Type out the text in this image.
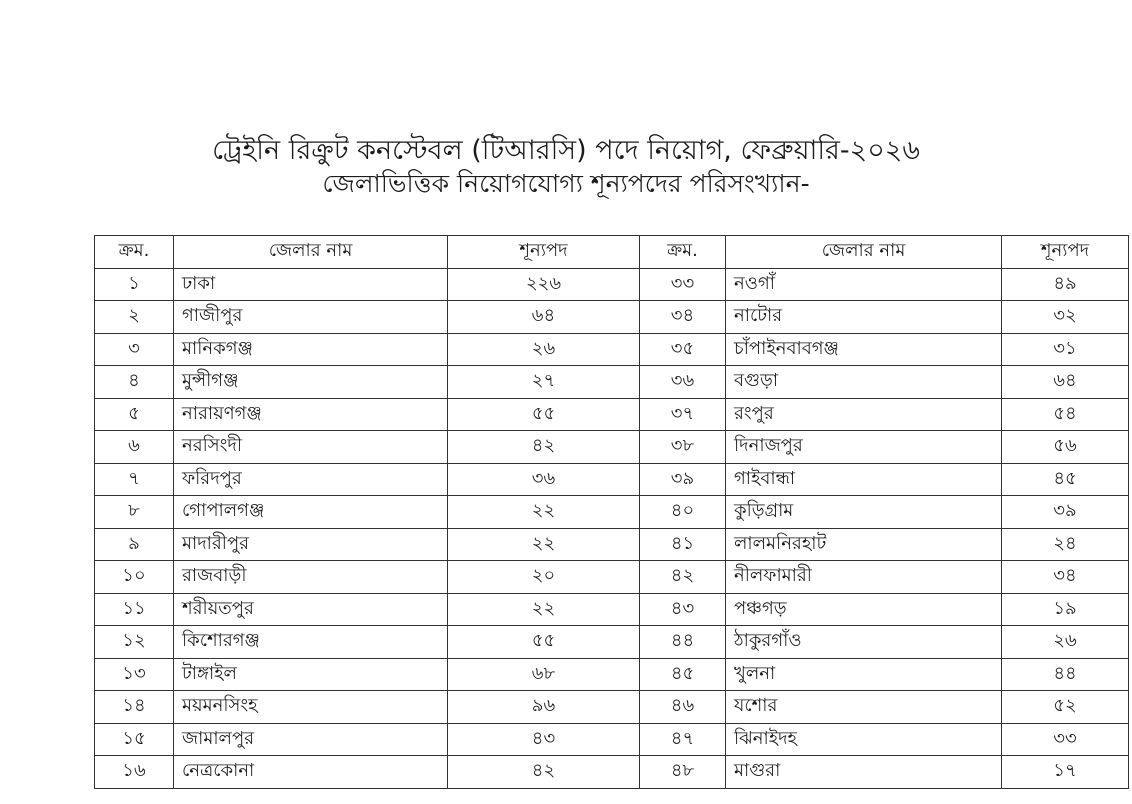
ট্রেইনি রিক্রুট কনস্টেবল (টিআরসি) পদে নিয়োগ, ফেব্রুয়ারি-২০২৬
জেলাভিত্তিক নিয়োগযোগ্য শূন্যপদের পরিসংখ্যান-
ক্রম.	জেলার নাম	শূন্যপদ	ক্রম.	জেলার নাম	শূন্যপদ
১	ঢাকা	২২৬	৩৩	নওগাঁ	৪৯
২	গাজীপুর	৬৪	৩৪	নাটোর	৩২
৩	মানিকগঞ্জ	২৬	৩৫	চাঁপাইনবাবগঞ্জ	৩১
৪	মুন্সীগঞ্জ	২৭	৩৬	বগুড়া	৬৪
৫	নারায়ণগঞ্জ	৫৫	৩৭	রংপুর	৫৪
৬	নরসিংদী	৪২	৩৮	দিনাজপুর	৫৬
৭	ফরিদপুর	৩৬	৩৯	গাইবান্ধা	৪৫
৮	গোপালগঞ্জ	২২	৪০	কুড়িগ্রাম	৩৯
৯	মাদারীপুর	২২	৪১	লালমনিরহাট	২৪
১০	রাজবাড়ী	২০	৪২	নীলফামারী	৩৪
১১	শরীয়তপুর	২২	৪৩	পঞ্চগড়	১৯
১২	কিশোরগঞ্জ	৫৫	৪৪	ঠাকুরগাঁও	২৬
১৩	টাঙ্গাইল	৬৮	৪৫	খুলনা	৪৪
১৪	ময়মনসিংহ	৯৬	৪৬	যশোর	৫২
১৫	জামালপুর	৪৩	৪৭	ঝিনাইদহ	৩৩
১৬	নেত্রকোনা	৪২	৪৮	মাগুরা	১৭
